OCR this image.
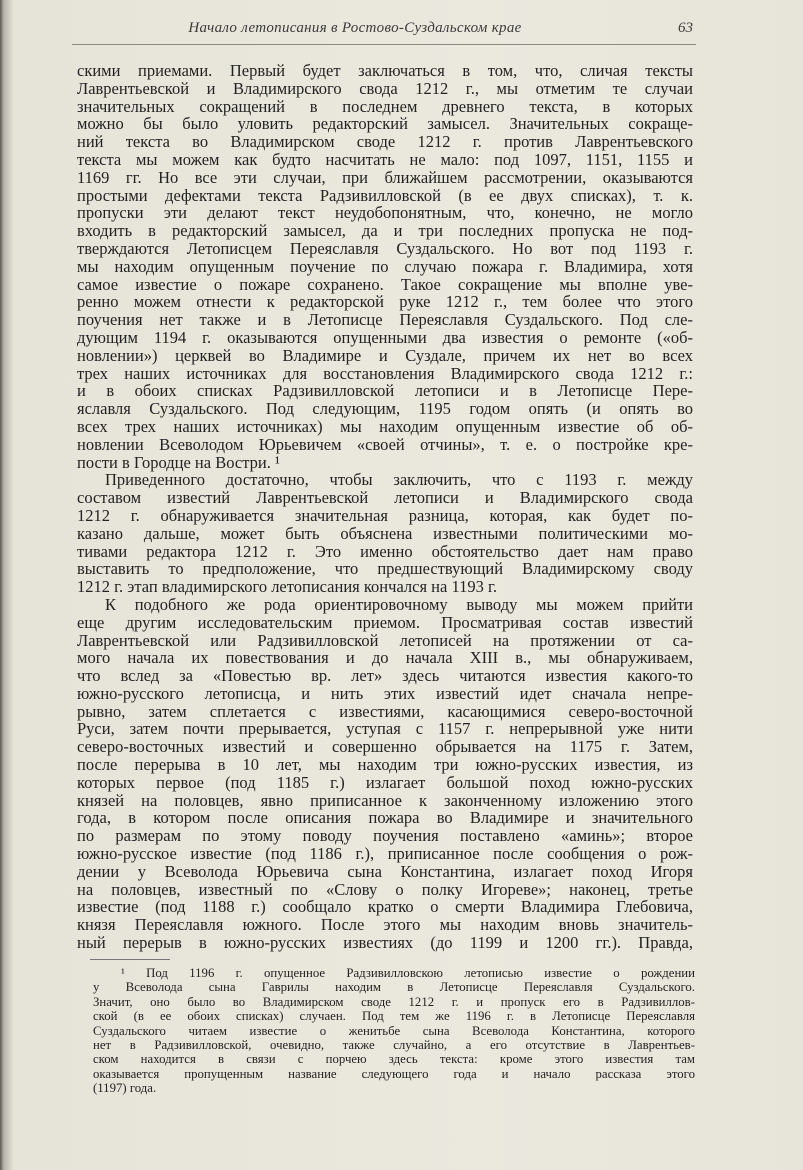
Начало летописания в Ростово-Суздальском крае	63
скими приемами. Первый будет заключаться в том, что, сличая тексты
Лаврентьевской и Владимирского свода 1212 г., мы отметим те случаи
значительных сокращений в последнем древнего текста, в которых
можно бы было уловить редакторский замысел. Значительных сокраще-
ний текста во Владимирском своде 1212 г. против Лаврентьевского
текста мы можем как будто насчитать не мало: под 1097, 1151, 1155 и
1169 гг. Но все эти случаи, при ближайшем рассмотрении, оказываются
простыми дефектами текста Радзивилловской (в ее двух списках), т. к.
пропуски эти делают текст неудобопонятным, что, конечно, не могло
входить в редакторский замысел, да и три последних пропуска не под-
тверждаются Летописцем Переяславля Суздальского. Но вот под 1193 г.
мы находим опущенным поучение по случаю пожара г. Владимира, хотя
самое известие о пожаре сохранено. Такое сокращение мы вполне уве-
ренно можем отнести к редакторской руке 1212 г., тем более что этого
поучения нет также и в Летописце Переяславля Суздальского. Под сле-
дующим 1194 г. оказываются опущенными два известия о ремонте («об-
новлении») церквей во Владимире и Суздале, причем их нет во всех
трех наших источниках для восстановления Владимирского свода 1212 г.:
и в обоих списках Радзивилловской летописи и в Летописце Пере-
яславля Суздальского. Под следующим, 1195 годом опять (и опять во
всех трех наших источниках) мы находим опущенным известие об об-
новлении Всеволодом Юрьевичем «своей отчины», т. е. о постройке кре-
пости в Городце на Востри. ¹
Приведенного достаточно, чтобы заключить, что с 1193 г. между
составом известий Лаврентьевской летописи и Владимирского свода
1212 г. обнаруживается значительная разница, которая, как будет по-
казано дальше, может быть объяснена известными политическими мо-
тивами редактора 1212 г. Это именно обстоятельство дает нам право
выставить то предположение, что предшествующий Владимирскому своду
1212 г. этап владимирского летописания кончался на 1193 г.
К подобного же рода ориентировочному выводу мы можем прийти
еще другим исследовательским приемом. Просматривая состав известий
Лаврентьевской или Радзивилловской летописей на протяжении от са-
мого начала их повествования и до начала XIII в., мы обнаруживаем,
что вслед за «Повестью вр. лет» здесь читаются известия какого-то
южно-русского летописца, и нить этих известий идет сначала непре-
рывно, затем сплетается с известиями, касающимися северо-восточной
Руси, затем почти прерывается, уступая с 1157 г. непрерывной уже нити
северо-восточных известий и совершенно обрывается на 1175 г. Затем,
после перерыва в 10 лет, мы находим три южно-русских известия, из
которых первое (под 1185 г.) излагает большой поход южно-русских
князей на половцев, явно приписанное к законченному изложению этого
года, в котором после описания пожара во Владимире и значительного
по размерам по этому поводу поучения поставлено «аминь»; второе
южно-русское известие (под 1186 г.), приписанное после сообщения о рож-
дении у Всеволода Юрьевича сына Константина, излагает поход Игоря
на половцев, известный по «Слову о полку Игореве»; наконец, третье
известие (под 1188 г.) сообщало кратко о смерти Владимира Глебовича,
князя Переяславля южного. После этого мы находим вновь значитель-
ный перерыв в южно-русских известиях (до 1199 и 1200 гг.). Правда,
¹ Под 1196 г. опущенное Радзивилловскою летописью известие о рождении
у Всеволода сына Гаврилы находим в Летописце Переяславля Суздальского.
Значит, оно было во Владимирском своде 1212 г. и пропуск его в Радзивиллов-
ской (в ее обоих списках) случаен. Под тем же 1196 г. в Летописце Переяславля
Суздальского читаем известие о женитьбе сына Всеволода Константина, которого
нет в Радзивилловской, очевидно, также случайно, а его отсутствие в Лаврентьев-
ском находится в связи с порчею здесь текста: кроме этого известия там
оказывается пропущенным название следующего года и начало рассказа этого
(1197) года.
